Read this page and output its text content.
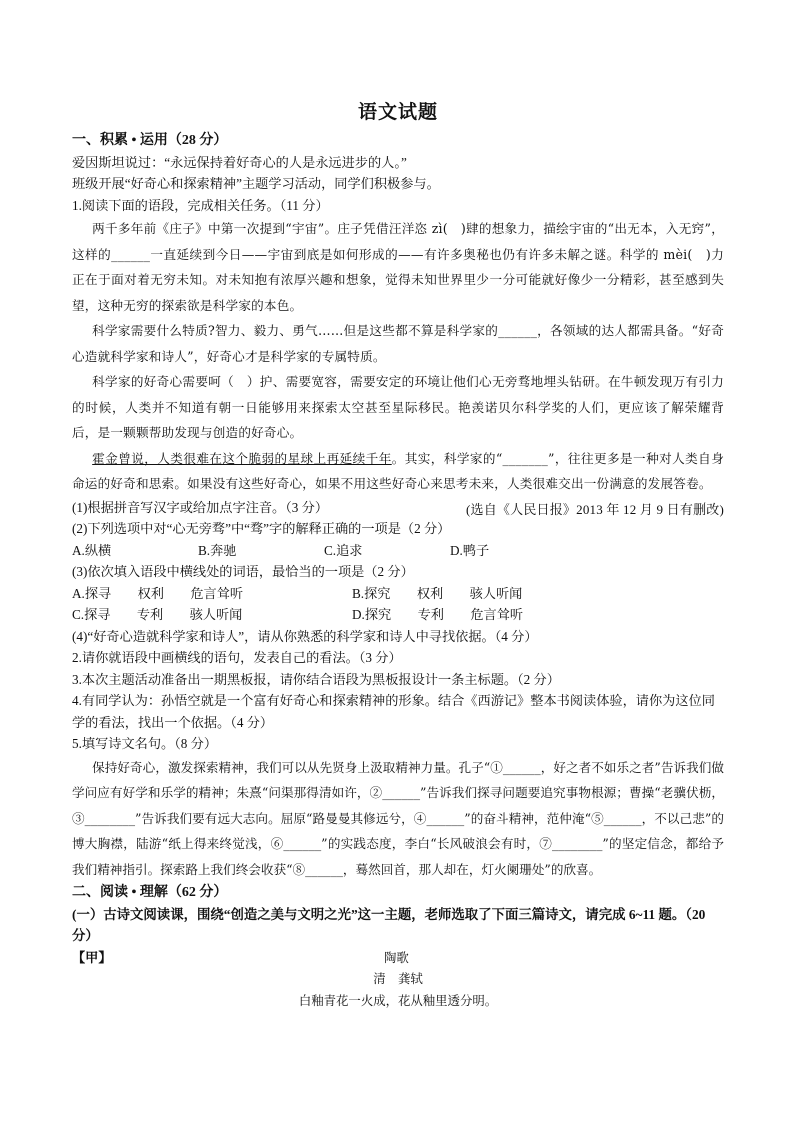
语文试题
一、积累 • 运用（28 分）
爱因斯坦说过：“永远保持着好奇心的人是永远进步的人。”
班级开展“好奇心和探索精神”主题学习活动，同学们积极参与。
1.阅读下面的语段，完成相关任务。（11 分）

两千多年前《庄子》中第一次提到“宇宙”。庄子凭借汪洋恣 zì(　)肆的想象力，描绘宇宙的“出无本，入无窍”，这样的______一直延续到今日——宇宙到底是如何形成的——有许多奥秘也仍有许多未解之谜。科学的 mèi(　)力正在于面对着无穷未知。对未知抱有浓厚兴趣和想象，觉得未知世界里少一分可能就好像少一分精彩，甚至感到失望，这种无穷的探索欲是科学家的本色。

科学家需要什么特质?智力、毅力、勇气……但是这些都不算是科学家的______，各领域的达人都需具备。“好奇心造就科学家和诗人”，好奇心才是科学家的专属特质。

科学家的好奇心需要呵（　）护、需要宽容，需要安定的环境让他们心无旁骛地埋头钻研。在牛顿发现万有引力的时候，人类并不知道有朝一日能够用来探索太空甚至星际移民。艳羡诺贝尔科学奖的人们，更应该了解荣耀背后，是一颗颗帮助发现与创造的好奇心。

霍金曾说，人类很难在这个脆弱的星球上再延续千年。其实，科学家的“_______”，往往更多是一种对人类自身命运的好奇和思索。如果没有这些好奇心，如果不用这些好奇心来思考未来，人类很难交出一份满意的发展答卷。
(选自《人民日报》2013 年 12 月 9 日有删改)

(1)根据拼音写汉字或给加点字注音。（3 分）
(2)下列选项中对“心无旁骛”中“骛”字的解释正确的一项是（2 分）
A.纵横	B.奔驰	C.追求	D.鸭子
(3)依次填入语段中横线处的词语，最恰当的一项是（2 分）
A.探寻　　权利　　危言耸听	B.探究　　权利　　骇人听闻
C.探寻　　专利　　骇人听闻	D.探究　　专利　　危言耸听
(4)“好奇心造就科学家和诗人”，请从你熟悉的科学家和诗人中寻找依据。（4 分）
2.请你就语段中画横线的语句，发表自己的看法。（3 分）
3.本次主题活动准备出一期黑板报，请你结合语段为黑板报设计一条主标题。（2 分）
4.有同学认为：孙悟空就是一个富有好奇心和探索精神的形象。结合《西游记》整本书阅读体验，请你为这位同学的看法，找出一个依据。（4 分）
5.填写诗文名句。（8 分）

保持好奇心，激发探索精神，我们可以从先贤身上汲取精神力量。孔子“①______，好之者不如乐之者”告诉我们做学问应有好学和乐学的精神；朱熹“问渠那得清如许，②______”告诉我们探寻问题要追究事物根源；曹操“老骥伏枥，③________”告诉我们要有远大志向。屈原“路曼曼其修远兮，④______”的奋斗精神，范仲淹“⑤______，不以己悲”的博大胸襟，陆游“纸上得来终觉浅，⑥______”的实践态度，李白“长风破浪会有时，⑦________”的坚定信念，都给予我们精神指引。探索路上我们终会收获“⑧______，蓦然回首，那人却在，灯火阑珊处”的欣喜。

二、阅读 • 理解（62 分）
(一）古诗文阅读课，围绕“创造之美与文明之光”这一主题，老师选取了下面三篇诗文，请完成 6~11 题。（20 分）
【甲】	陶歌
清　龚轼
白釉青花一火成，花从釉里透分明。
